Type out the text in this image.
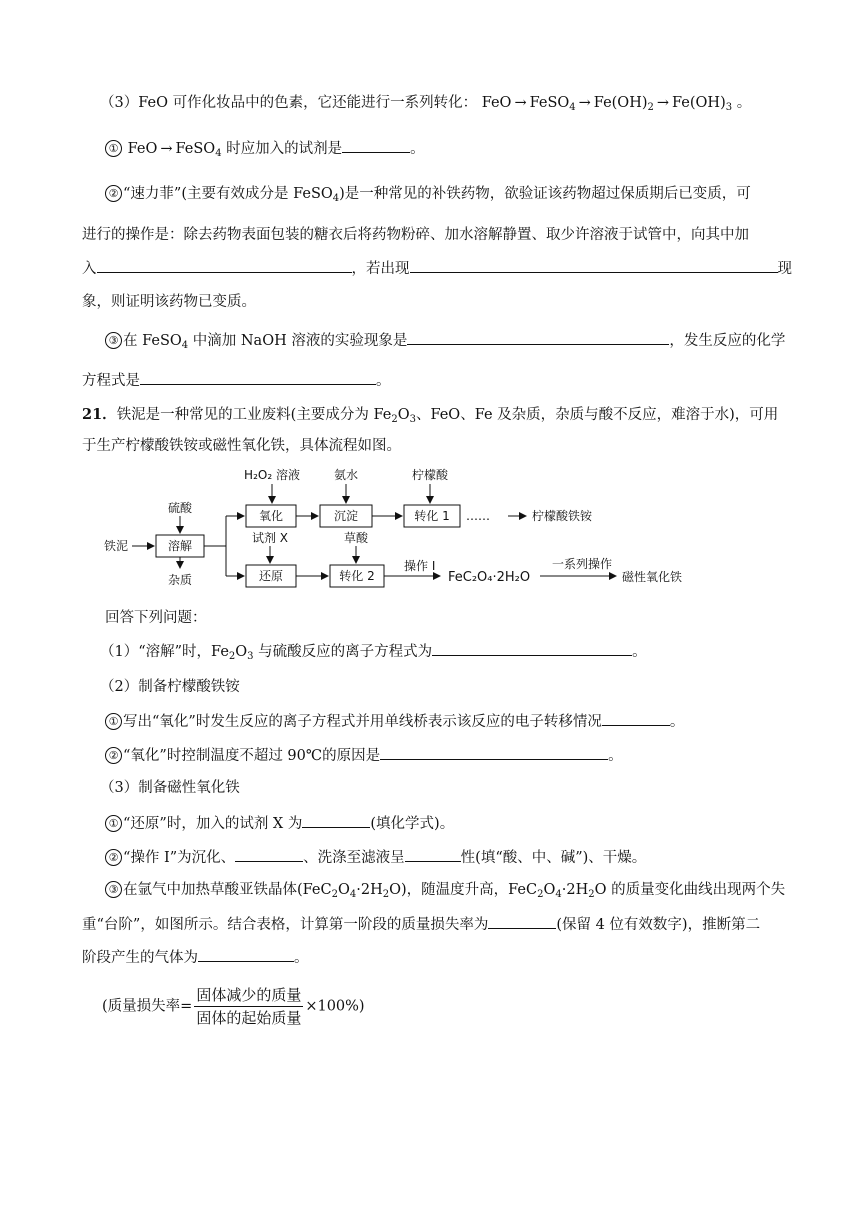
（3）FeO 可作化妆品中的色素，它还能进行一系列转化： FeO → FeSO$_4$ → $Fe(OH)_2 \to Fe(OH)_3$ 。
① FeO → FeSO$_4$ 时应加入的试剂是	。
② “速力菲”(主要有效成分是 FeSO$_4$)是一种常见的补铁药物，欲验证该药物超过保质期后已变质，可
进行的操作是：除去药物表面包装的糖衣后将药物粉碎、加水溶解静置、取少许溶液于试管中，向其中加
入	，若出现	现
象，则证明该药物已变质。
③ 在 FeSO$_4$ 中滴加 NaOH 溶液的实验现象是	，发生反应的化学
方程式是	。
21．铁泥是一种常见的工业废料(主要成分为 $Fe_2O_3$、FeO、Fe 及杂质，杂质与酸不反应，难溶于水)，可用
于生产柠檬酸铁铵或磁性氧化铁，具体流程如图。
铁泥	溶解
硫酸
杂质
氧化
H₂O₂ 溶液	氨水
沉淀
柠檬酸
转化 1 ……	柠檬酸铁铵
试剂 X
还原
草酸
转化 2
操作 I
FeC₂O₄·2H₂O
一系列操作
磁性氧化铁
回答下列问题：
（1）“溶解”时，$Fe_2O_3$ 与硫酸反应的离子方程式为	。
（2）制备柠檬酸铁铵
① 写出“氧化”时发生反应的离子方程式并用单线桥表示该反应的电子转移情况	。
② “氧化”时控制温度不超过 90℃的原因是	。
（3）制备磁性氧化铁
① “还原”时，加入的试剂 X 为	(填化学式)。
② “操作 I”为沉化、	、洗涤至滤液呈	性(填“酸、中、碱”)、干燥。
③ 在氩气中加热草酸亚铁晶体$(FeC_2O_4\cdot 2H_2O)$，随温度升高，$FeC_2O_4\cdot 2H_2O$ 的质量变化曲线出现两个失
重“台阶”，如图所示。结合表格，计算第一阶段的质量损失率为	(保留 4 位有效数字)，推断第二
阶段产生的气体为	。
(质量损失率= $\frac{\text{固体减少的质量}}{\text{固体的起始质量}} \times 100\%$)
